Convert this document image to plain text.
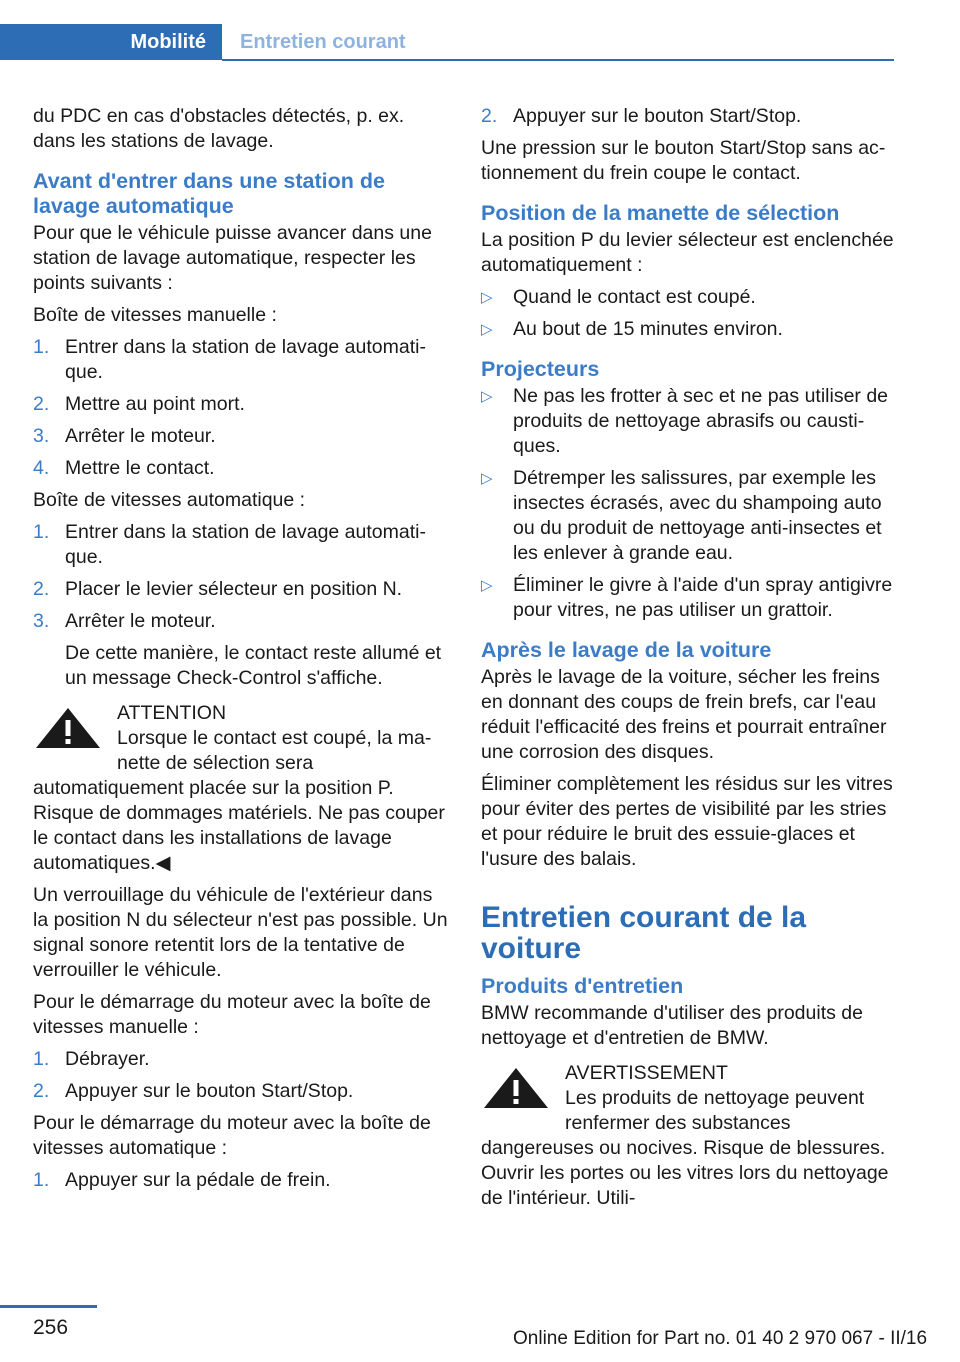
Mobilité	Entretien courant

du PDC en cas d'obstacles détectés, p. ex. dans les stations de lavage.

Avant d'entrer dans une station de lavage automatique

Pour que le véhicule puisse avancer dans une station de lavage automatique, respecter les points suivants :

Boîte de vitesses manuelle :

1. Entrer dans la station de lavage automatique.
2. Mettre au point mort.
3. Arrêter le moteur.
4. Mettre le contact.

Boîte de vitesses automatique :

1. Entrer dans la station de lavage automatique.
2. Placer le levier sélecteur en position N.
3. Arrêter le moteur.
De cette manière, le contact reste allumé et un message Check-Control s'affiche.
ATTENTION
Lorsque le contact est coupé, la manette de sélection sera automatiquement placée sur la position P. Risque de dommages matériels. Ne pas couper le contact dans les installations de lavage automatiques.◀

Un verrouillage du véhicule de l'extérieur dans la position N du sélecteur n'est pas possible. Un signal sonore retentit lors de la tentative de verrouiller le véhicule.

Pour le démarrage du moteur avec la boîte de vitesses manuelle :

1. Débrayer.
2. Appuyer sur le bouton Start/Stop.

Pour le démarrage du moteur avec la boîte de vitesses automatique :

1. Appuyer sur la pédale de frein.
2. Appuyer sur le bouton Start/Stop.

Une pression sur le bouton Start/Stop sans actionnement du frein coupe le contact.

Position de la manette de sélection

La position P du levier sélecteur est enclenchée automatiquement :

▷	Quand le contact est coupé.
▷	Au bout de 15 minutes environ.
Projecteurs
▷	Ne pas les frotter à sec et ne pas utiliser de produits de nettoyage abrasifs ou caustiques.
▷	Détremper les salissures, par exemple les insectes écrasés, avec du shampoing auto ou du produit de nettoyage anti-insectes et les enlever à grande eau.
▷	Éliminer le givre à l'aide d'un spray antigivre pour vitres, ne pas utiliser un grattoir.
Après le lavage de la voiture

Après le lavage de la voiture, sécher les freins en donnant des coups de frein brefs, car l'eau réduit l'efficacité des freins et pourrait entraîner une corrosion des disques.

Éliminer complètement les résidus sur les vitres pour éviter des pertes de visibilité par les stries et pour réduire le bruit des essuie-glaces et l'usure des balais.

Entretien courant de la voiture
Produits d'entretien

BMW recommande d'utiliser des produits de nettoyage et d'entretien de BMW.

AVERTISSEMENT
Les produits de nettoyage peuvent renfermer des substances dangereuses ou nocives. Risque de blessures. Ouvrir les portes ou les vitres lors du nettoyage de l'intérieur. Utili-
256	Online Edition for Part no. 01 40 2 970 067 - II/16
